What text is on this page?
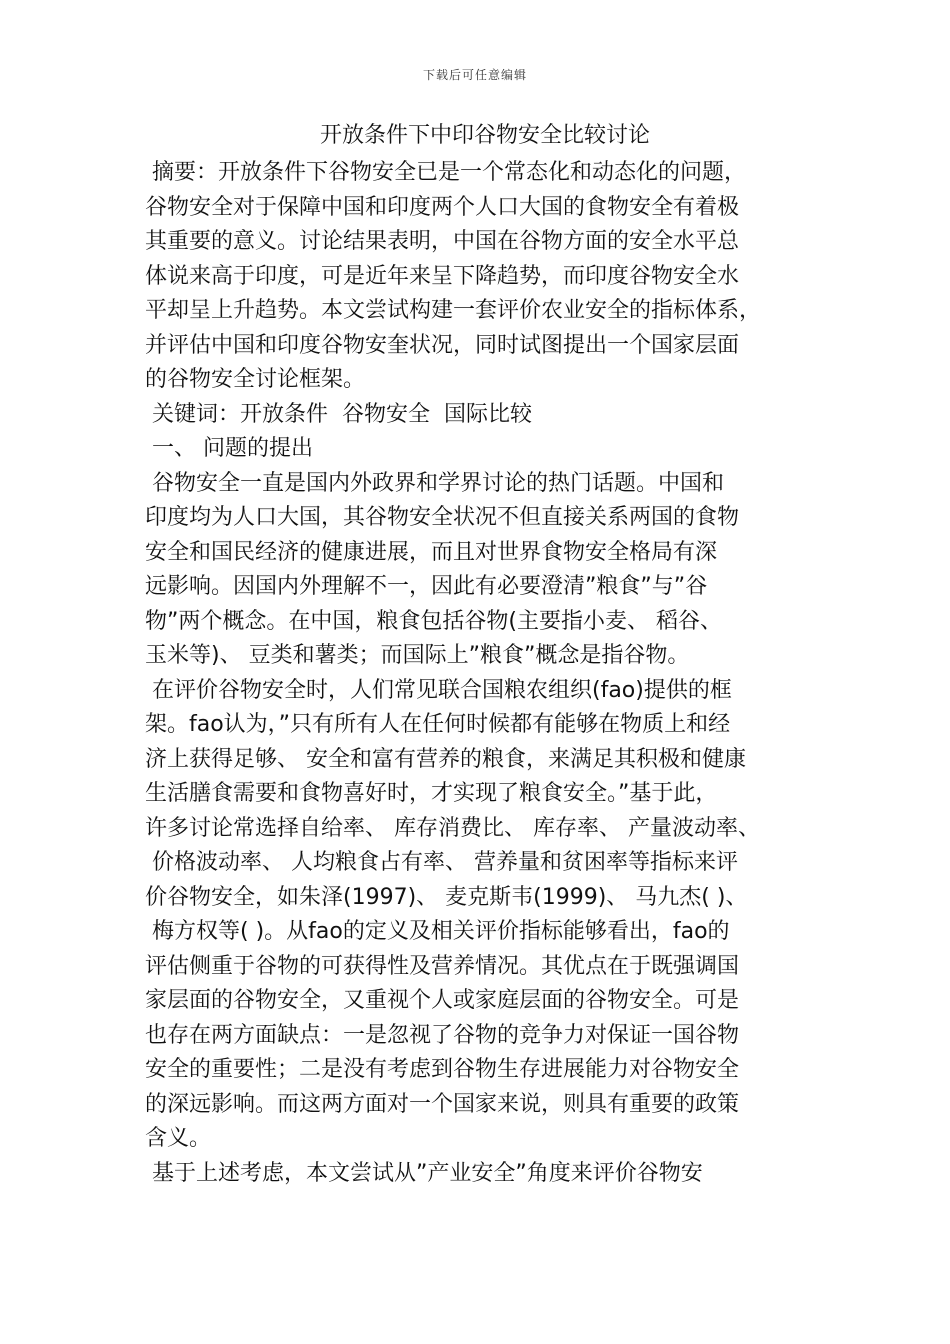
下载后可任意编辑
开放条件下中印谷物安全比较讨论
摘要：开放条件下谷物安全已是一个常态化和动态化的问题，
谷物安全对于保障中国和印度两个人口大国的食物安全有着极
其重要的意义。讨论结果表明，中国在谷物方面的安全水平总
体说来高于印度，可是近年来呈下降趋势，而印度谷物安全水
平却呈上升趋势。本文尝试构建一套评价农业安全的指标体系，
并评估中国和印度谷物安奎状况，同时试图提出一个国家层面
的谷物安全讨论框架。
关键词：开放条件  谷物安全  国际比较
一、 问题的提出
谷物安全一直是国内外政界和学界讨论的热门话题。中国和
印度均为人口大国，其谷物安全状况不但直接关系两国的食物
安全和国民经济的健康进展，而且对世界食物安全格局有深
远影响。因国内外理解不一，因此有必要澄清”粮食”与”谷
物”两个概念。在中国，粮食包括谷物(主要指小麦、 稻谷、
玉米等)、 豆类和薯类；而国际上”粮食”概念是指谷物。
在评价谷物安全时，人们常见联合国粮农组织(fao)提供的框
架。fao认为，”只有所有人在任何时候都有能够在物质上和经
济上获得足够、 安全和富有营养的粮食，来满足其积极和健康
生活膳食需要和食物喜好时，才实现了粮食安全。”基于此，
许多讨论常选择自给率、 库存消费比、 库存率、 产量波动率、
价格波动率、 人均粮食占有率、 营养量和贫困率等指标来评
价谷物安全，如朱泽(1997)、 麦克斯韦(1999)、 马九杰( )、
梅方权等( )。从fao的定义及相关评价指标能够看出，fao的
评估侧重于谷物的可获得性及营养情况。其优点在于既强调国
家层面的谷物安全，又重视个人或家庭层面的谷物安全。可是
也存在两方面缺点：一是忽视了谷物的竞争力对保证一国谷物
安全的重要性；二是没有考虑到谷物生存进展能力对谷物安全
的深远影响。而这两方面对一个国家来说，则具有重要的政策
含义。
基于上述考虑，本文尝试从”产业安全”角度来评价谷物安
